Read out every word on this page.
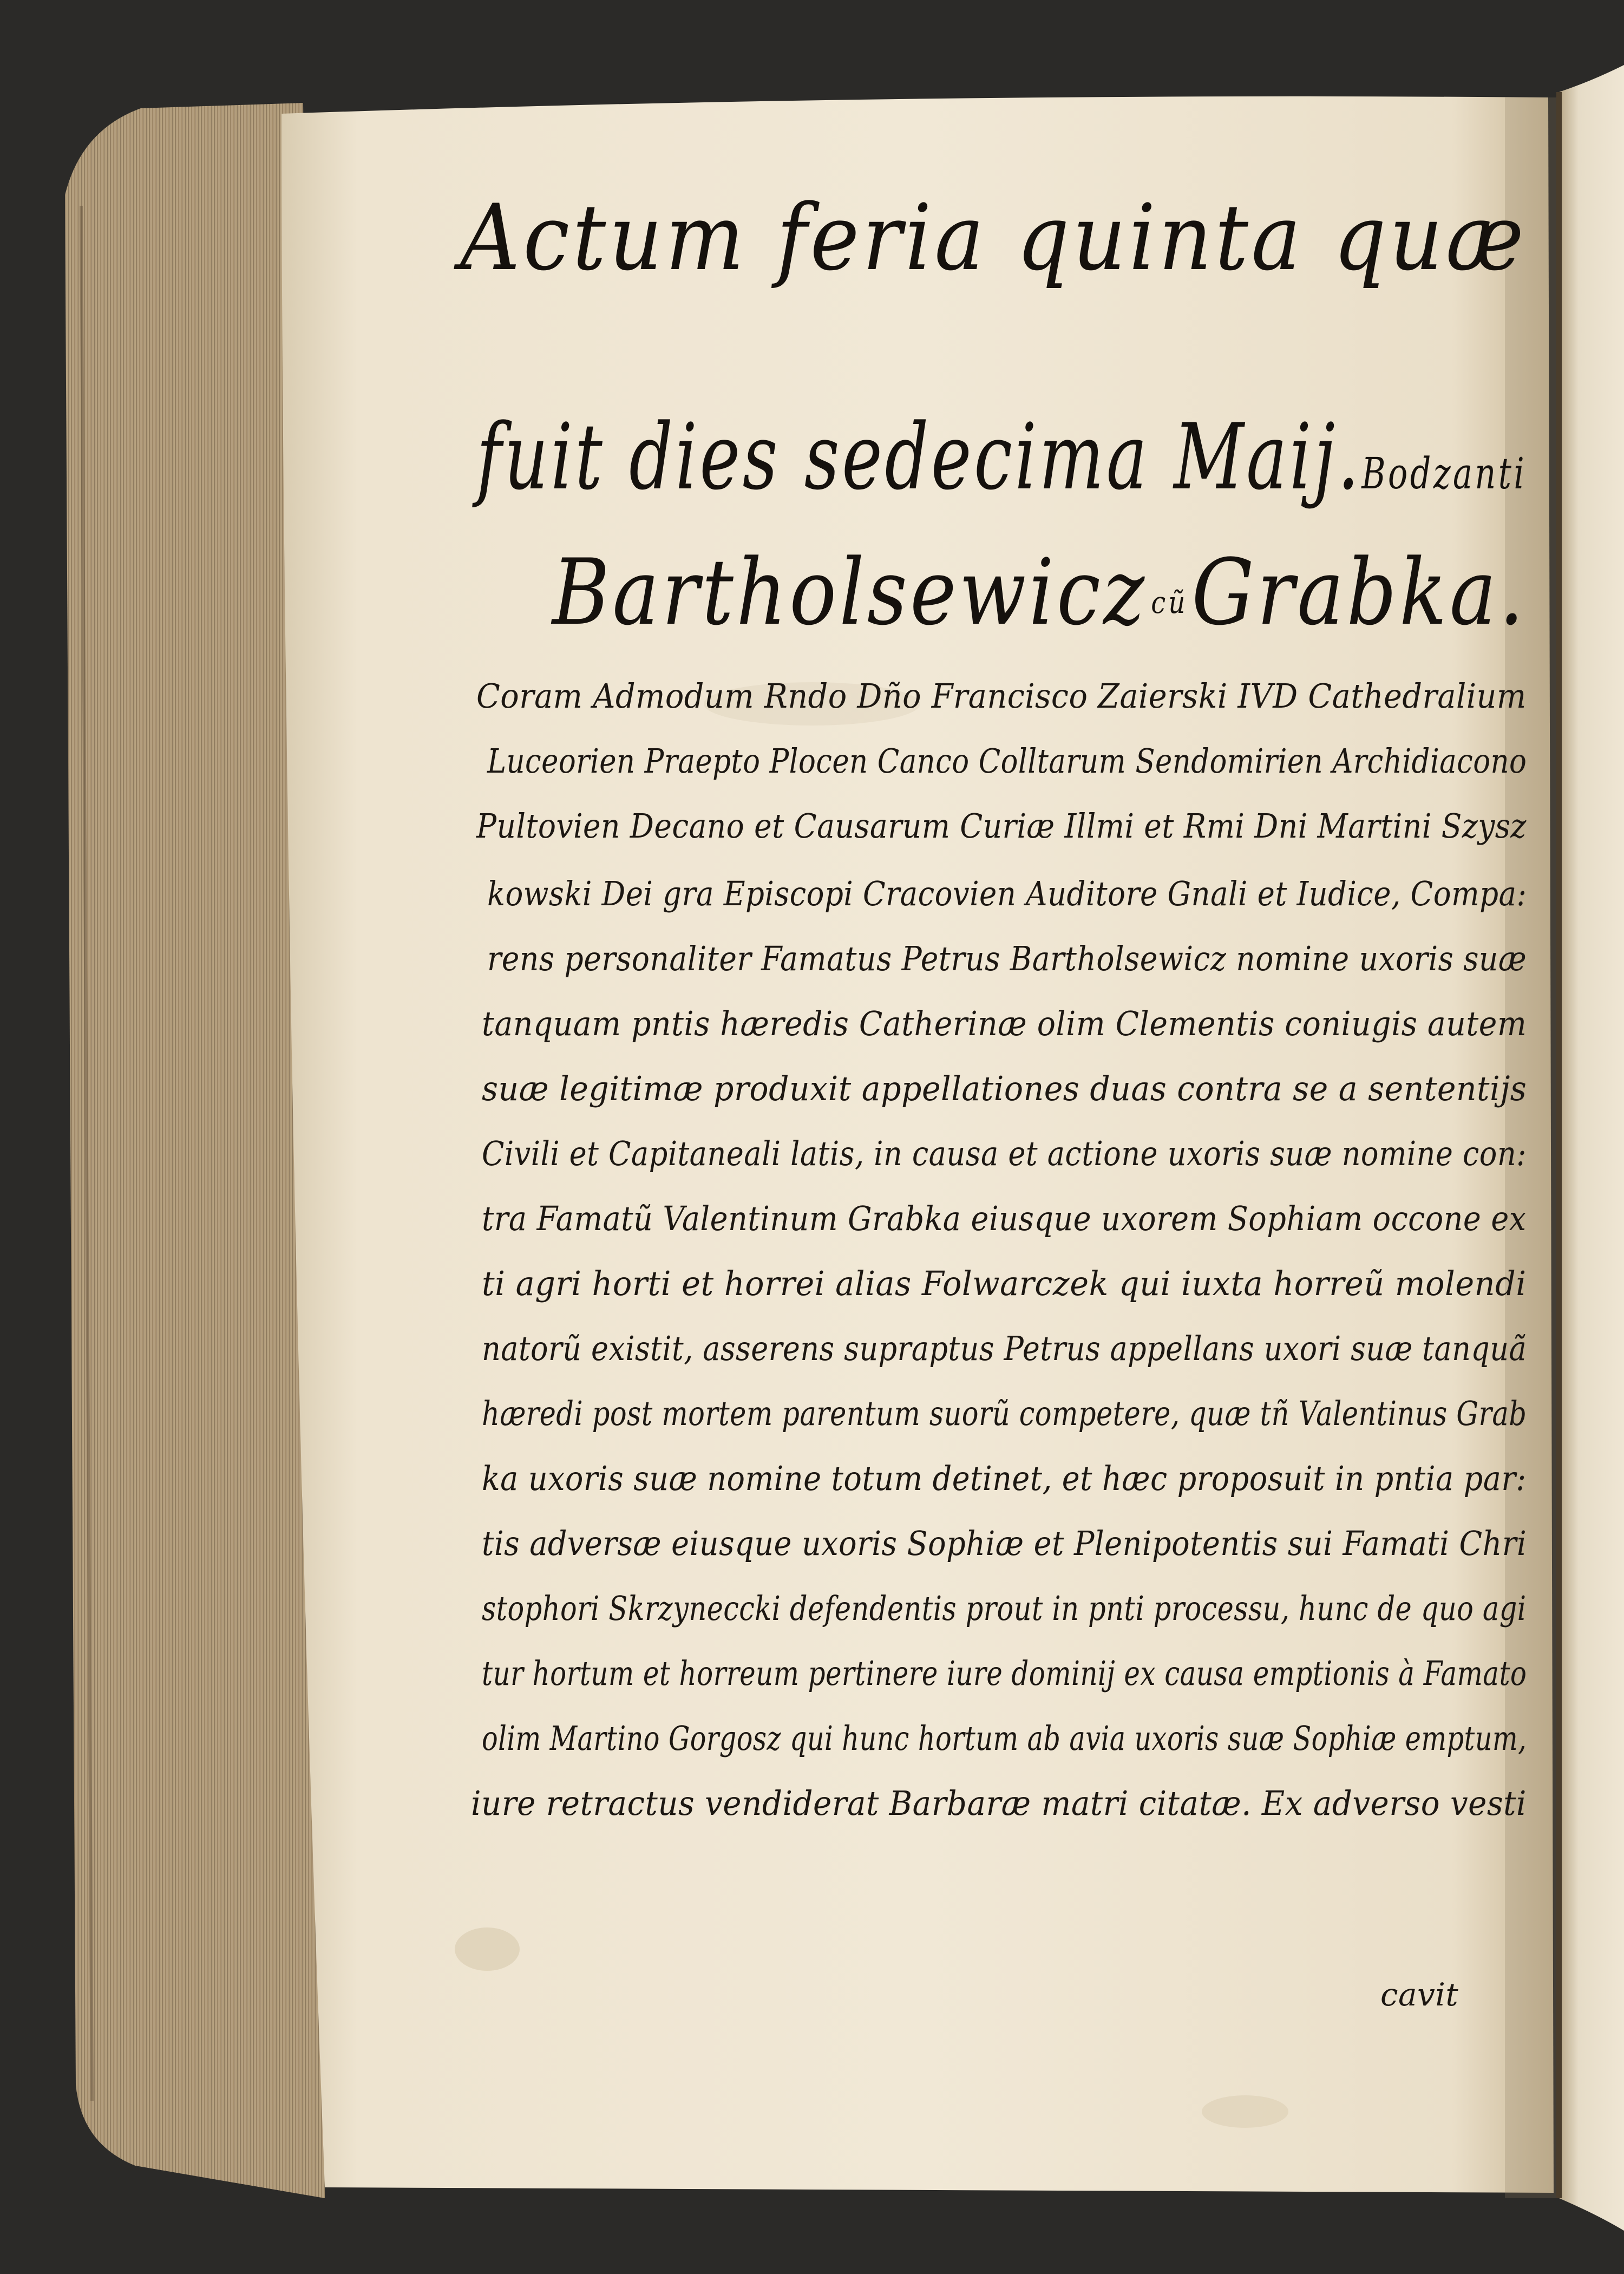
Actum feria quinta quæ
fuit dies sedecima Maij.Bodzanti
Bartholsewicz cũGrabka.
Coram Admodum Rndo Dño Francisco Zaierski IVD Cathedralium
Luceorien Praepto Plocen Canco Colltarum Sendomirien Archidiacono
Pultovien Decano et Causarum Curiæ Illmi et Rmi Dni Martini Szysz
kowski Dei gra Episcopi Cracovien Auditore Gnali et Iudice, Compa:
rens personaliter Famatus Petrus Bartholsewicz nomine uxoris suæ
tanquam pntis hæredis Catherinæ olim Clementis coniugis autem
suæ legitimæ produxit appellationes duas contra se a sententijs
Civili et Capitaneali latis, in causa et actione uxoris suæ nomine con:
tra Famatũ Valentinum Grabka eiusque uxorem Sophiam occone ex
ti agri horti et horrei alias Folwarczek qui iuxta horreũ molendi
natorũ existit, asserens supraptus Petrus appellans uxori suæ tanquã
hæredi post mortem parentum suorũ competere, quæ tñ Valentinus Grab
ka uxoris suæ nomine totum detinet, et hæc proposuit in pntia par:
tis adversæ eiusque uxoris Sophiæ et Plenipotentis sui Famati Chri
stophori Skrzyneccki defendentis prout in pnti processu, hunc de quo agi
tur hortum et horreum pertinere iure dominij ex causa emptionis à Famato
olim Martino Gorgosz qui hunc hortum ab avia uxoris suæ Sophiæ emptum,
iure retractus vendiderat Barbaræ matri citatæ. Ex adverso vesti
cavit
